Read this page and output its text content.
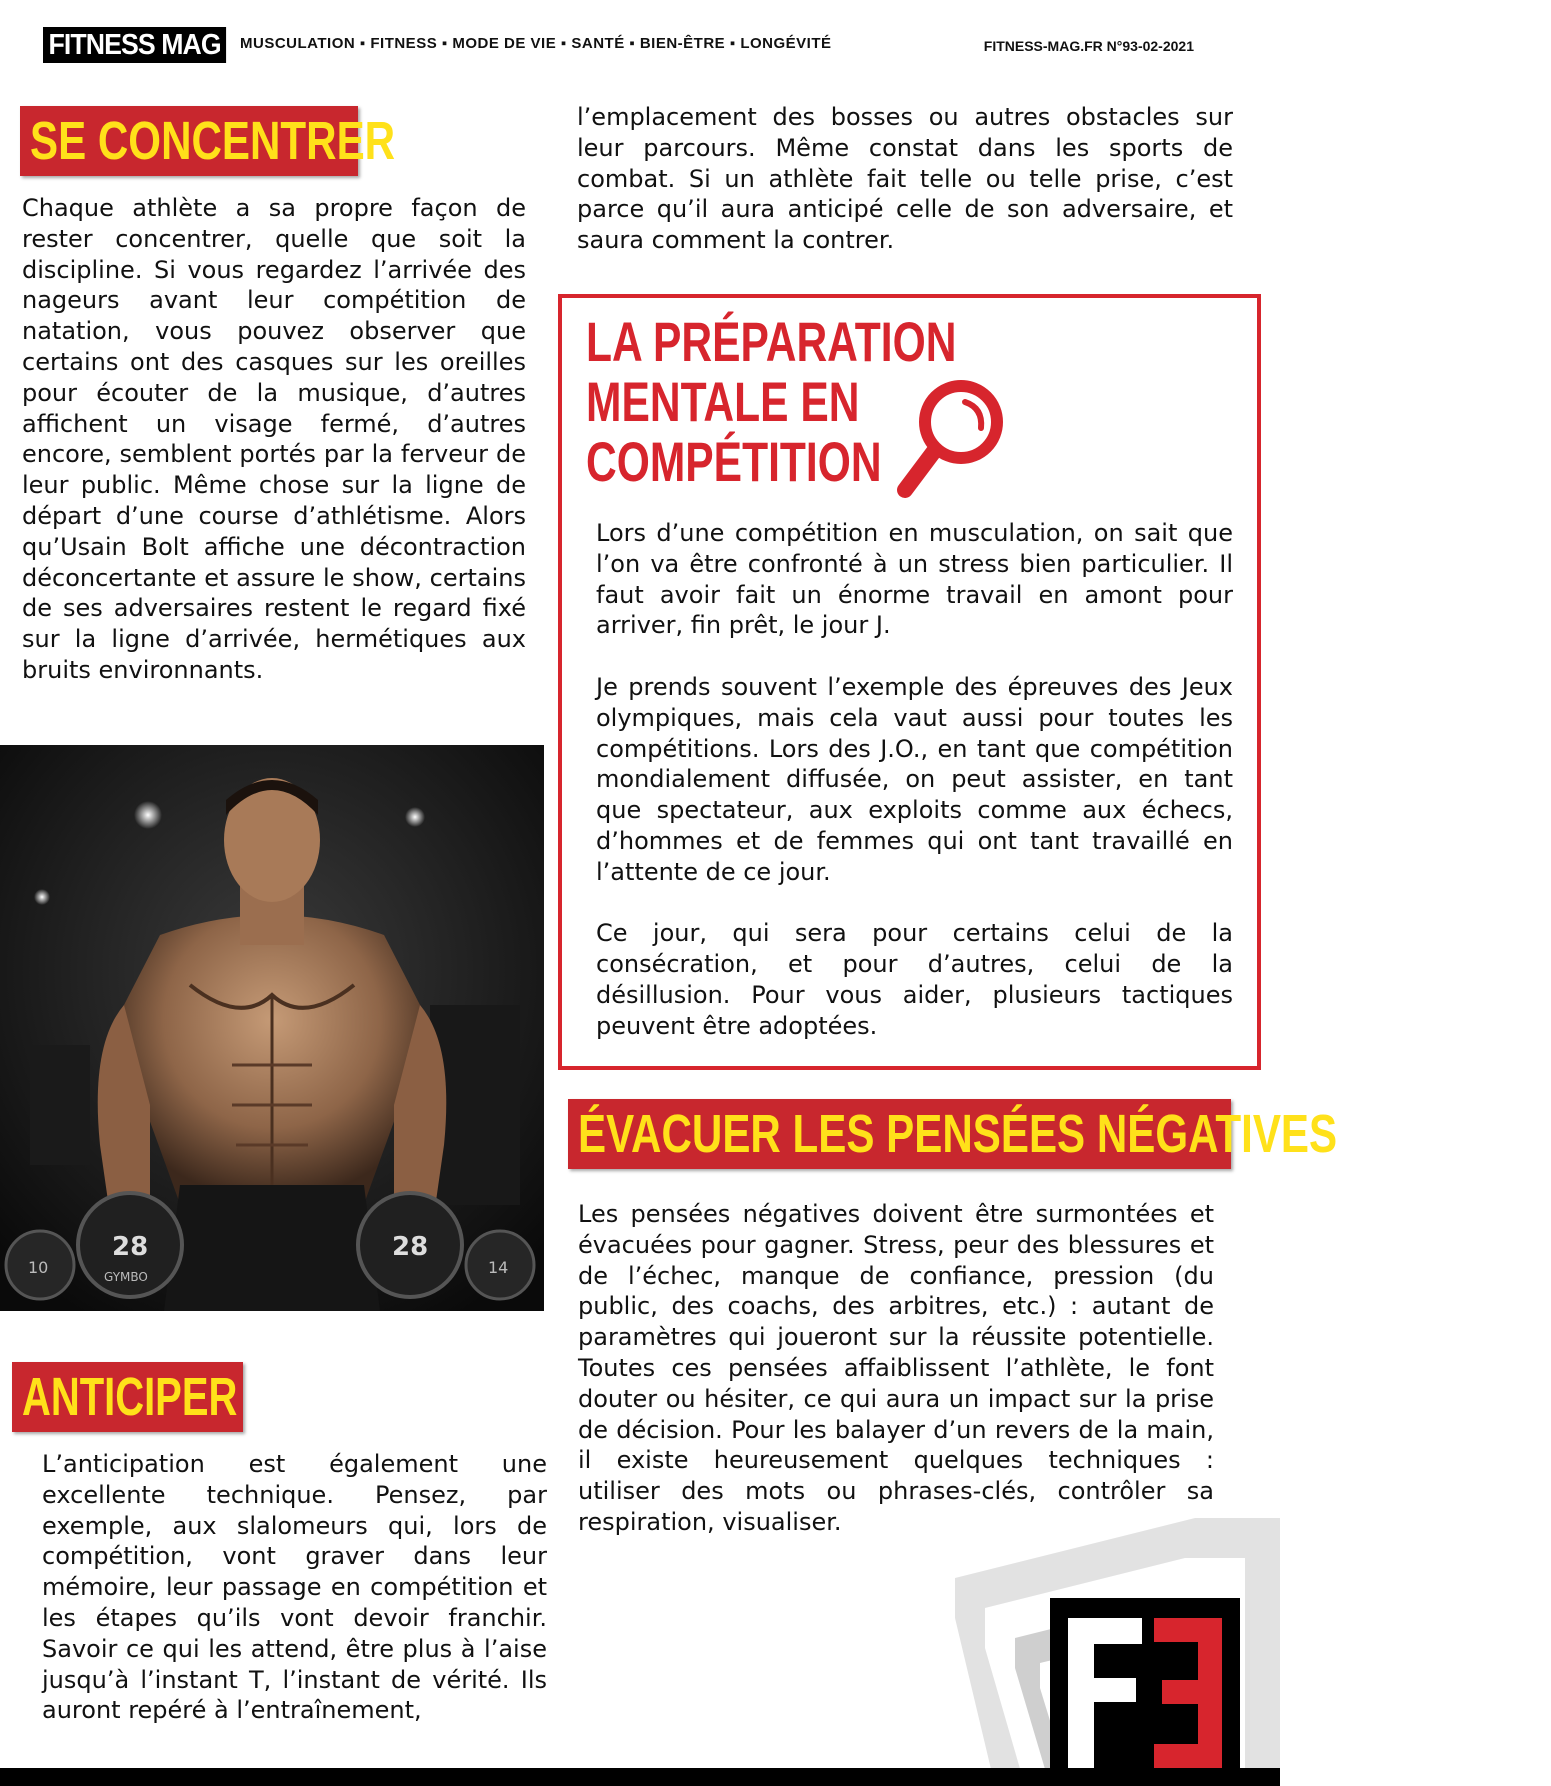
FITNESS MAG	MUSCULATION ▪ FITNESS ▪ MODE DE VIE ▪ SANTÉ ▪ BIEN-ÊTRE ▪ LONGÉVITÉ	FITNESS-MAG.FR N°93-02-2021
SE CONCENTRER
Chaque athlète a sa propre façon de rester concentrer, quelle que soit la discipline. Si vous regardez l’arrivée des nageurs avant leur compétition de natation, vous pouvez observer que certains ont des casques sur les oreilles pour écouter de la musique, d’autres affichent un visage fermé, d’autres encore, semblent portés par la ferveur de leur public. Même chose sur la ligne de départ d’une course d’athlétisme. Alors qu’Usain Bolt affiche une décontraction déconcertante et assure le show, certains de ses adversaires restent le regard fixé sur la ligne d’arrivée, hermétiques aux bruits environnants.
28	28
GYMBO
10	14
ANTICIPER
L’anticipation est également une excellente technique. Pensez, par exemple, aux slalomeurs qui, lors de compétition, vont graver dans leur mémoire, leur passage en compétition et les étapes qu’ils vont devoir franchir. Savoir ce qui les attend, être plus à l’aise jusqu’à l’instant T, l’instant de vérité. Ils auront repéré à l’entraînement,
l’emplacement des bosses ou autres obstacles sur leur parcours. Même constat dans les sports de combat. Si un athlète fait telle ou telle prise, c’est parce qu’il aura anticipé celle de son adversaire, et saura comment la contrer.
LA PRÉPARATION
MENTALE EN
COMPÉTITION

Lors d’une compétition en musculation, on sait que l’on va être confronté à un stress bien particulier. Il faut avoir fait un énorme travail en amont pour arriver, fin prêt, le jour J.

Je prends souvent l’exemple des épreuves des Jeux olympiques, mais cela vaut aussi pour toutes les compétitions. Lors des J.O., en tant que compétition mondialement diffusée, on peut assister, en tant que spectateur, aux exploits comme aux échecs, d’hommes et de femmes qui ont tant travaillé en l’attente de ce jour.

Ce jour, qui sera pour certains celui de la consécration, et pour d’autres, celui de la désillusion. Pour vous aider, plusieurs tactiques peuvent être adoptées.

ÉVACUER LES PENSÉES NÉGATIVES

Les pensées négatives doivent être surmontées et évacuées pour gagner. Stress, peur des blessures et de l’échec, manque de confiance, pression (du public, des coachs, des arbitres, etc.) : autant de paramètres qui joueront sur la réussite potentielle. Toutes ces pensées affaiblissent l’athlète, le font douter ou hésiter, ce qui aura un impact sur la prise de décision. Pour les balayer d’un revers de la main, il existe heureusement quelques techniques : utiliser des mots ou phrases-clés, contrôler sa respiration, visualiser.
